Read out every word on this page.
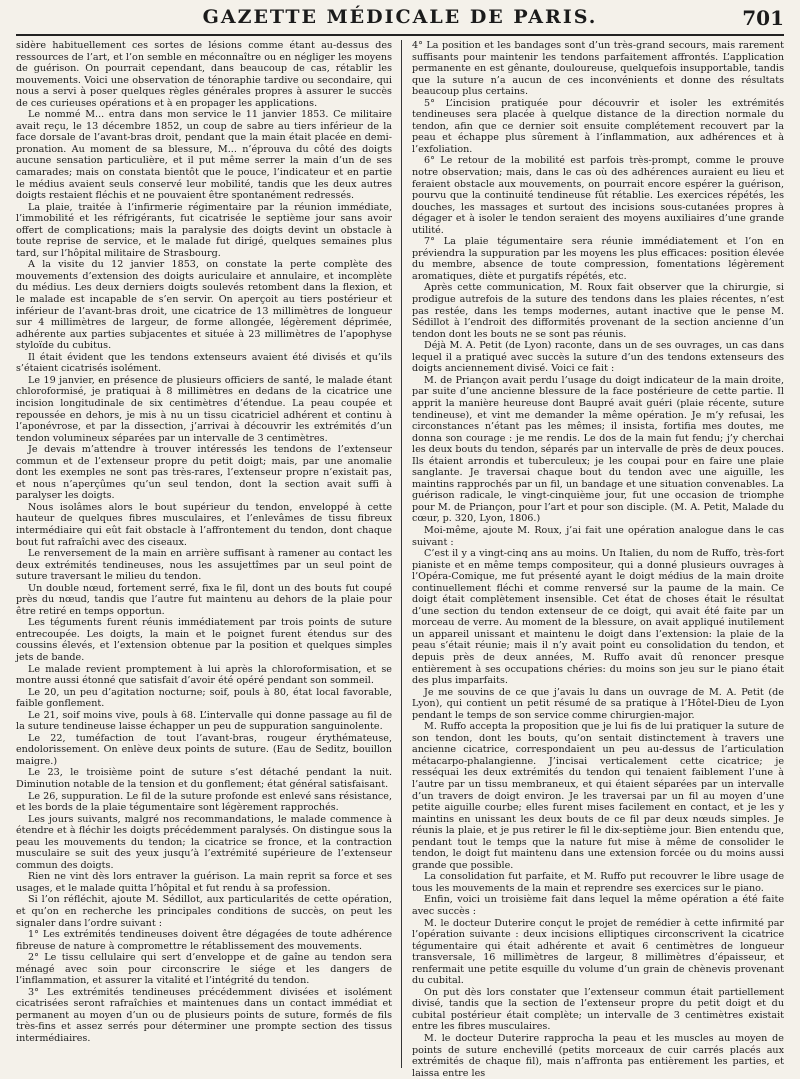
GAZETTE MÉDICALE DE PARIS.	701

sidère habituellement ces sortes de lésions comme étant au-dessus des ressources de l’art, et l’on semble en méconnaître ou en négliger les moyens de guérison. On pourrait cependant, dans beaucoup de cas, rétablir les mouvements. Voici une observation de ténoraphie tardive ou secondaire, qui nous a servi à poser quelques règles générales propres à assurer le succès de ces curieuses opérations et à en propager les applications.

Le nommé M... entra dans mon service le 11 janvier 1853. Ce militaire avait reçu, le 13 décembre 1852, un coup de sabre au tiers inférieur de la face dorsale de l’avant-bras droit, pendant que la main était placée en demi-pronation. Au moment de sa blessure, M... n’éprouva du côté des doigts aucune sensation particulière, et il put même serrer la main d’un de ses camarades; mais on constata bientôt que le pouce, l’indicateur et en partie le médius avaient seuls conservé leur mobilité, tandis que les deux autres doigts restaient fléchis et ne pouvaient être spontanément redressés.

La plaie, traitée à l’infirmerie régimentaire par la réunion immédiate, l’immobilité et les réfrigérants, fut cicatrisée le septième jour sans avoir offert de complications; mais la paralysie des doigts devint un obstacle à toute reprise de service, et le malade fut dirigé, quelques semaines plus tard, sur l’hôpital militaire de Strasbourg.

A la visite du 12 janvier 1853, on constate la perte complète des mouvements d’extension des doigts auriculaire et annulaire, et incomplète du médius. Les deux derniers doigts soulevés retombent dans la flexion, et le malade est incapable de s’en servir. On aperçoit au tiers postérieur et inférieur de l’avant-bras droit, une cicatrice de 13 millimètres de longueur sur 4 millimètres de largeur, de forme allongée, légèrement déprimée, adhérente aux parties subjacentes et située à 23 millimètres de l’apophyse styloïde du cubitus.

Il était évident que les tendons extenseurs avaient été divisés et qu’ils s’étaient cicatrisés isolément.

Le 19 janvier, en présence de plusieurs officiers de santé, le malade étant chloroformisé, je pratiquai à 8 millimètres en dedans de la cicatrice une incision longitudinale de six centimètres d’étendue. La peau coupée et repoussée en dehors, je mis à nu un tissu cicatriciel adhérent et continu à l’aponévrose, et par la dissection, j’arrivai à découvrir les extrémités d’un tendon volumineux séparées par un intervalle de 3 centimètres.

Je devais m’attendre à trouver intéressés les tendons de l’extenseur commun et de l’extenseur propre du petit doigt; mais, par une anomalie dont les exemples ne sont pas très-rares, l’extenseur propre n’existait pas, et nous n’aperçûmes qu’un seul tendon, dont la section avait suffi à paralyser les doigts.

Nous isolâmes alors le bout supérieur du tendon, enveloppé à cette hauteur de quelques fibres musculaires, et l’enlevâmes de tissu fibreux intermédiaire qui eût fait obstacle à l’affrontement du tendon, dont chaque bout fut rafraîchi avec des ciseaux.

Le renversement de la main en arrière suffisant à ramener au contact les deux extrémités tendineuses, nous les assujettîmes par un seul point de suture traversant le milieu du tendon.

Un double nœud, fortement serré, fixa le fil, dont un des bouts fut coupé près du nœud, tandis que l’autre fut maintenu au dehors de la plaie pour être retiré en temps opportun.

Les téguments furent réunis immédiatement par trois points de suture entrecoupée. Les doigts, la main et le poignet furent étendus sur des coussins élevés, et l’extension obtenue par la position et quelques simples jets de bande.

Le malade revient promptement à lui après la chloroformisation, et se montre aussi étonné que satisfait d’avoir été opéré pendant son sommeil.

Le 20, un peu d’agitation nocturne; soif, pouls à 80, état local favorable, faible gonflement.

Le 21, soif moins vive, pouls à 68. L’intervalle qui donne passage au fil de la suture tendineuse laisse échapper un peu de suppuration sanguinolente.

Le 22, tuméfaction de tout l’avant-bras, rougeur érythémateuse, endolorissement. On enlève deux points de suture. (Eau de Seditz, bouillon maigre.)

Le 23, le troisième point de suture s’est détaché pendant la nuit. Diminution notable de la tension et du gonflement; état général satisfaisant.

Le 26, suppuration. Le fil de la suture profonde est enlevé sans résistance, et les bords de la plaie tégumentaire sont légèrement rapprochés.

Les jours suivants, malgré nos recommandations, le malade commence à étendre et à fléchir les doigts précédemment paralysés. On distingue sous la peau les mouvements du tendon; la cicatrice se fronce, et la contraction musculaire se suit des yeux jusqu’à l’extrémité supérieure de l’extenseur commun des doigts.

Rien ne vint dès lors entraver la guérison. La main reprit sa force et ses usages, et le malade quitta l’hôpital et fut rendu à sa profession.

Si l’on réfléchit, ajoute M. Sédillot, aux particularités de cette opération, et qu’on en recherche les principales conditions de succès, on peut les signaler dans l’ordre suivant :

1° Les extrémités tendineuses doivent être dégagées de toute adhérence fibreuse de nature à compromettre le rétablissement des mouvements.

2° Le tissu cellulaire qui sert d’enveloppe et de gaîne au tendon sera ménagé avec soin pour circonscrire le siége et les dangers de l’inflammation, et assurer la vitalité et l’intégrité du tendon.

3° Les extrémités tendineuses précédemment divisées et isolément cicatrisées seront rafraîchies et maintenues dans un contact immédiat et permanent au moyen d’un ou de plusieurs points de suture, formés de fils très-fins et assez serrés pour déterminer une prompte section des tissus intermédiaires.

4° La position et les bandages sont d’un très-grand secours, mais rarement suffisants pour maintenir les tendons parfaitement affrontés. L’application permanente en est gênante, douloureuse, quelquefois insupportable, tandis que la suture n’a aucun de ces inconvénients et donne des résultats beaucoup plus certains.

5° L’incision pratiquée pour découvrir et isoler les extrémités tendineuses sera placée à quelque distance de la direction normale du tendon, afin que ce dernier soit ensuite complétement recouvert par la peau et échappe plus sûrement à l’inflammation, aux adhérences et à l’exfoliation.

6° Le retour de la mobilité est parfois très-prompt, comme le prouve notre observation; mais, dans le cas où des adhérences auraient eu lieu et feraient obstacle aux mouvements, on pourrait encore espérer la guérison, pourvu que la continuité tendineuse fût rétablie. Les exercices répétés, les douches, les massages et surtout des incisions sous-cutanées propres à dégager et à isoler le tendon seraient des moyens auxiliaires d’une grande utilité.

7° La plaie tégumentaire sera réunie immédiatement et l’on en préviendra la suppuration par les moyens les plus efficaces: position élevée du membre, absence de toute compression, fomentations légèrement aromatiques, diète et purgatifs répétés, etc.

Après cette communication, M. Roux fait observer que la chirurgie, si prodigue autrefois de la suture des tendons dans les plaies récentes, n’est pas restée, dans les temps modernes, autant inactive que le pense M. Sédillot à l’endroit des difformités provenant de la section ancienne d’un tendon dont les bouts ne se sont pas réunis.

Déjà M. A. Petit (de Lyon) raconte, dans un de ses ouvrages, un cas dans lequel il a pratiqué avec succès la suture d’un des tendons extenseurs des doigts anciennement divisé. Voici ce fait :

M. de Priançon avait perdu l’usage du doigt indicateur de la main droite, par suite d’une ancienne blessure de la face postérieure de cette partie. Il apprit la manière heureuse dont Baupré avait guéri (plaie récente, suture tendineuse), et vint me demander la même opération. Je m’y refusai, les circonstances n’étant pas les mêmes; il insista, fortifia mes doutes, me donna son courage : je me rendis. Le dos de la main fut fendu; j’y cherchai les deux bouts du tendon, séparés par un intervalle de près de deux pouces. Ils étaient arrondis et tuberculeux; je les coupai pour en faire une plaie sanglante. Je traversai chaque bout du tendon avec une aiguille, les maintins rapprochés par un fil, un bandage et une situation convenables. La guérison radicale, le vingt-cinquième jour, fut une occasion de triomphe pour M. de Priançon, pour l’art et pour son disciple. (M. A. Petit, Malade du cœur, p. 320, Lyon, 1806.)

Moi-même, ajoute M. Roux, j’ai fait une opération analogue dans le cas suivant :

C’est il y a vingt-cinq ans au moins. Un Italien, du nom de Ruffo, très-fort pianiste et en même temps compositeur, qui a donné plusieurs ouvrages à l’Opéra-Comique, me fut présenté ayant le doigt médius de la main droite continuellement fléchi et comme renversé sur la paume de la main. Ce doigt était complètement insensible. Cet état de choses était le résultat d’une section du tendon extenseur de ce doigt, qui avait été faite par un morceau de verre. Au moment de la blessure, on avait appliqué inutilement un appareil unissant et maintenu le doigt dans l’extension: la plaie de la peau s’était réunie; mais il n’y avait point eu consolidation du tendon, et depuis près de deux années, M. Ruffo avait dû renoncer presque entièrement à ses occupations chéries: du moins son jeu sur le piano était des plus imparfaits.

Je me souvins de ce que j’avais lu dans un ouvrage de M. A. Petit (de Lyon), qui contient un petit résumé de sa pratique à l’Hôtel-Dieu de Lyon pendant le temps de son service comme chirurgien-major.

M. Ruffo accepta la proposition que je lui fis de lui pratiquer la suture de son tendon, dont les bouts, qu’on sentait distinctement à travers une ancienne cicatrice, correspondaient un peu au-dessus de l’articulation métacarpo-phalangienne. J’incisai verticalement cette cicatrice; je resséquai les deux extrémités du tendon qui tenaient faiblement l’une à l’autre par un tissu membraneux, et qui étaient séparées par un intervalle d’un travers de doigt environ. Je les traversai par un fil au moyen d’une petite aiguille courbe; elles furent mises facilement en contact, et je les y maintins en unissant les deux bouts de ce fil par deux nœuds simples. Je réunis la plaie, et je pus retirer le fil le dix-septième jour. Bien entendu que, pendant tout le temps que la nature fut mise à même de consolider le tendon, le doigt fut maintenu dans une extension forcée ou du moins aussi grande que possible.

La consolidation fut parfaite, et M. Ruffo put recouvrer le libre usage de tous les mouvements de la main et reprendre ses exercices sur le piano.

Enfin, voici un troisième fait dans lequel la même opération a été faite avec succès :

M. le docteur Duterire conçut le projet de remédier à cette infirmité par l’opération suivante : deux incisions elliptiques circonscrivent la cicatrice tégumentaire qui était adhérente et avait 6 centimètres de longueur transversale, 16 millimètres de largeur, 8 millimètres d’épaisseur, et renfermait une petite esquille du volume d’un grain de chènevis provenant du cubital.

On put dès lors constater que l’extenseur commun était partiellement divisé, tandis que la section de l’extenseur propre du petit doigt et du cubital postérieur était complète; un intervalle de 3 centimètres existait entre les fibres musculaires.

M. le docteur Duterire rapprocha la peau et les muscles au moyen de points de suture enchevillé (petits morceaux de cuir carrés placés aux extrémités de chaque fil), mais n’affronta pas entièrement les parties, et laissa entre les
